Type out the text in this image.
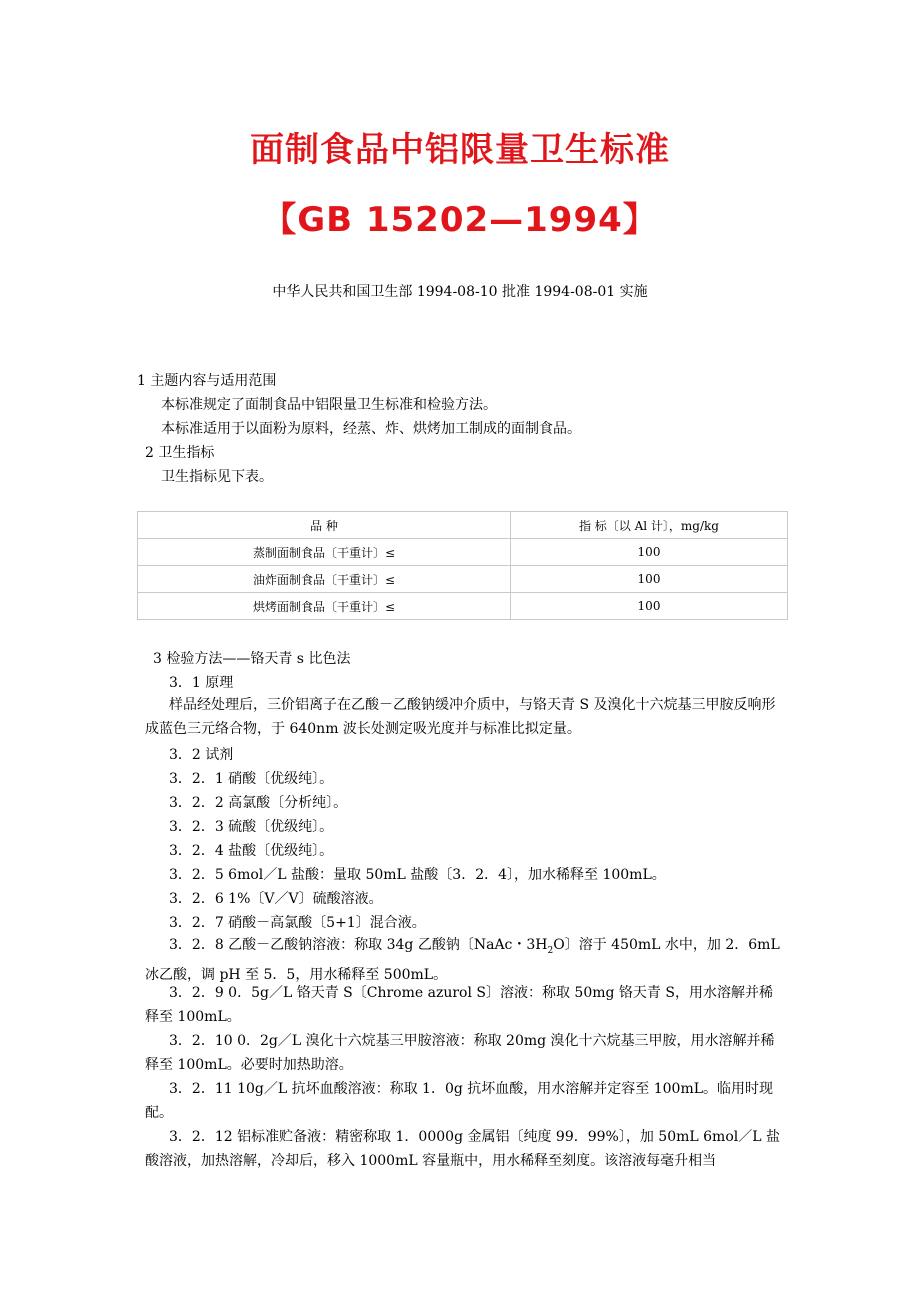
面制食品中铝限量卫生标准
【GB 15202—1994】
中华人民共和国卫生部 1994-08-10 批准 1994-08-01 实施
1 主题内容与适用范围
本标准规定了面制食品中铝限量卫生标准和检验方法。
本标准适用于以面粉为原料，经蒸、炸、烘烤加工制成的面制食品。
2 卫生指标
卫生指标见下表。
品 种	指 标〔以 Al 计〕，mg/kg
蒸制面制食品〔干重计〕≤	100
油炸面制食品〔干重计〕≤	100
烘烤面制食品〔干重计〕≤	100
3 检验方法——铬天青 s 比色法
3．1 原理
样品经处理后，三价铝离子在乙酸－乙酸钠缓冲介质中，与铬天青 S 及溴化十六烷基三甲胺反响形成蓝色三元络合物，于 640nm 波长处测定吸光度并与标准比拟定量。
3．2 试剂
3．2．1 硝酸〔优级纯〕。
3．2．2 高氯酸〔分析纯〕。
3．2．3 硫酸〔优级纯〕。
3．2．4 盐酸〔优级纯〕。
3．2．5 6mol／L 盐酸：量取 50mL 盐酸〔3．2．4〕，加水稀释至 100mL。
3．2．6 1%〔V／V〕硫酸溶液。
3．2．7 硝酸－高氯酸〔5+1〕混合液。
3．2．8 乙酸－乙酸钠溶液：称取 34g 乙酸钠〔NaAc・$3H_2O$〕溶于 450mL 水中，加 2．6mL 冰乙酸，调 pH 至 5．5，用水稀释至 500mL。
3．2．9 0．5g／L 铬天青 S〔Chrome azurol S〕溶液：称取 50mg 铬天青 S，用水溶解并稀释至 100mL。
3．2．10 0．2g／L 溴化十六烷基三甲胺溶液：称取 20mg 溴化十六烷基三甲胺，用水溶解并稀释至 100mL。必要时加热助溶。
3．2．11 10g／L 抗坏血酸溶液：称取 1．0g 抗坏血酸，用水溶解并定容至 100mL。临用时现配。
3．2．12 铝标准贮备液：精密称取 1．0000g 金属铝〔纯度 99．99%〕，加 50mL 6mol／L 盐酸溶液，加热溶解，冷却后，移入 1000mL 容量瓶中，用水稀释至刻度。该溶液每毫升相当
